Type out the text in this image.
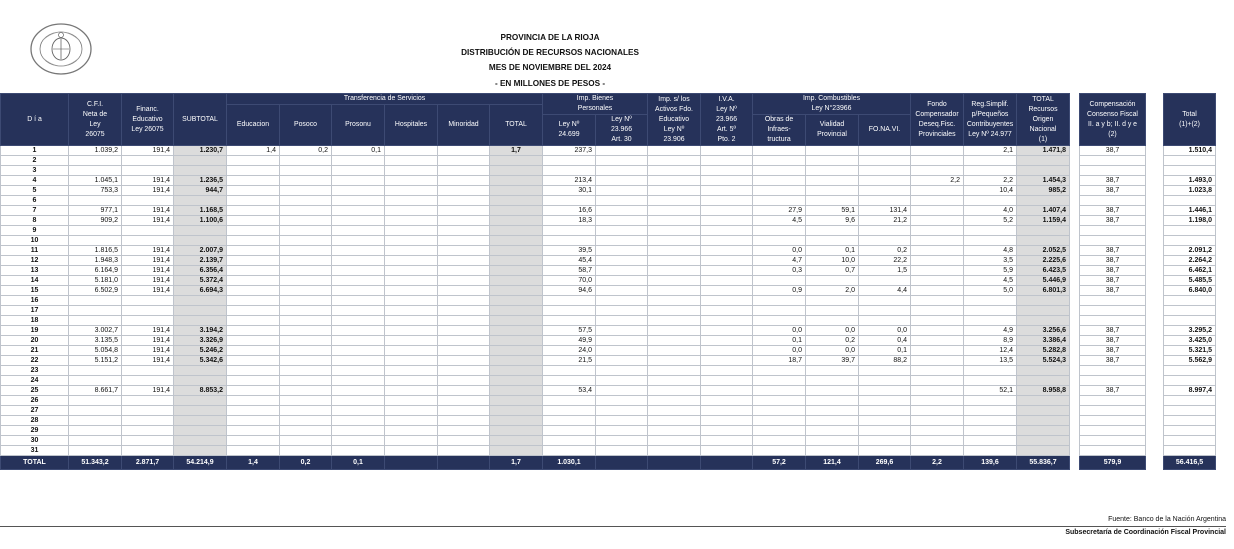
PROVINCIA DE LA RIOJA
DISTRIBUCIÓN DE RECURSOS NACIONALES
MES DE NOVIEMBRE DEL 2024
- EN MILLONES DE PESOS -
D í a	C.F.I.
Neta de
Ley
26075	Financ.
Educativo
Ley 26075	SUBTOTAL	Transferencia de Servicios						Imp. Bienes
Personales		Imp. s/ los
Activos Fdo.
Educativo
Ley Nº
23.906	I.V.A.
Ley Nº
23.966
Art. 5º
Pto. 2	Imp. Combustibles
Ley N°23966			Fondo
Compensador
Deseq.Fisc.
Provinciales	Reg.Simplif.
p/Pequeños
Contribuyentes
Ley Nº 24.977	TOTAL
Recursos
Origen
Nacional
(1)		Compensación
Consenso Fiscal
II. a y b; II. d y e
(2)		Total
(1)+(2)
				Educacion	Posoco	Prosonu	Hospitales	Minoridad	TOTAL														
										Ley Nº
24.699	Ley Nº
23.966
Art. 30			Obras de
Infraes-
tructura	Vialidad
Provincial	FO.NA.VI.							

1	1.039,2	191,4	1.230,7	1,4	0,2	0,1			1,7	237,3								2,1	1.471,8		38,7		1.510,4
2																							
3																							
4	1.045,1	191,4	1.236,5							213,4							2,2	2,2	1.454,3		38,7		1.493,0
5	753,3	191,4	944,7							30,1								10,4	985,2		38,7		1.023,8
6																							
7	977,1	191,4	1.168,5							16,6				27,9	59,1	131,4		4,0	1.407,4		38,7		1.446,1
8	909,2	191,4	1.100,6							18,3				4,5	9,6	21,2		5,2	1.159,4		38,7		1.198,0
9																							
10																							
11	1.816,5	191,4	2.007,9							39,5				0,0	0,1	0,2		4,8	2.052,5		38,7		2.091,2
12	1.948,3	191,4	2.139,7							45,4				4,7	10,0	22,2		3,5	2.225,6		38,7		2.264,2
13	6.164,9	191,4	6.356,4							58,7				0,3	0,7	1,5		5,9	6.423,5		38,7		6.462,1
14	5.181,0	191,4	5.372,4							70,0								4,5	5.446,9		38,7		5.485,5
15	6.502,9	191,4	6.694,3							94,6				0,9	2,0	4,4		5,0	6.801,3		38,7		6.840,0
16																							
17																							
18																							
19	3.002,7	191,4	3.194,2							57,5				0,0	0,0	0,0		4,9	3.256,6		38,7		3.295,2
20	3.135,5	191,4	3.326,9							49,9				0,1	0,2	0,4		8,9	3.386,4		38,7		3.425,0
21	5.054,8	191,4	5.246,2							24,0				0,0	0,0	0,1		12,4	5.282,8		38,7		5.321,5
22	5.151,2	191,4	5.342,6							21,5				18,7	39,7	88,2		13,5	5.524,3		38,7		5.562,9
23																							
24																							
25	8.661,7	191,4	8.853,2							53,4								52,1	8.958,8		38,7		8.997,4
26																							
27																							
28																							
29																							
30																							
31																							
TOTAL	51.343,2	2.871,7	54.214,9	1,4	0,2	0,1			1,7	1.030,1				57,2	121,4	269,6	2,2	139,6	55.836,7		579,9		56.416,5
Fuente: Banco de la Nación Argentina
Subsecretaría de Coordinación Fiscal Provincial
